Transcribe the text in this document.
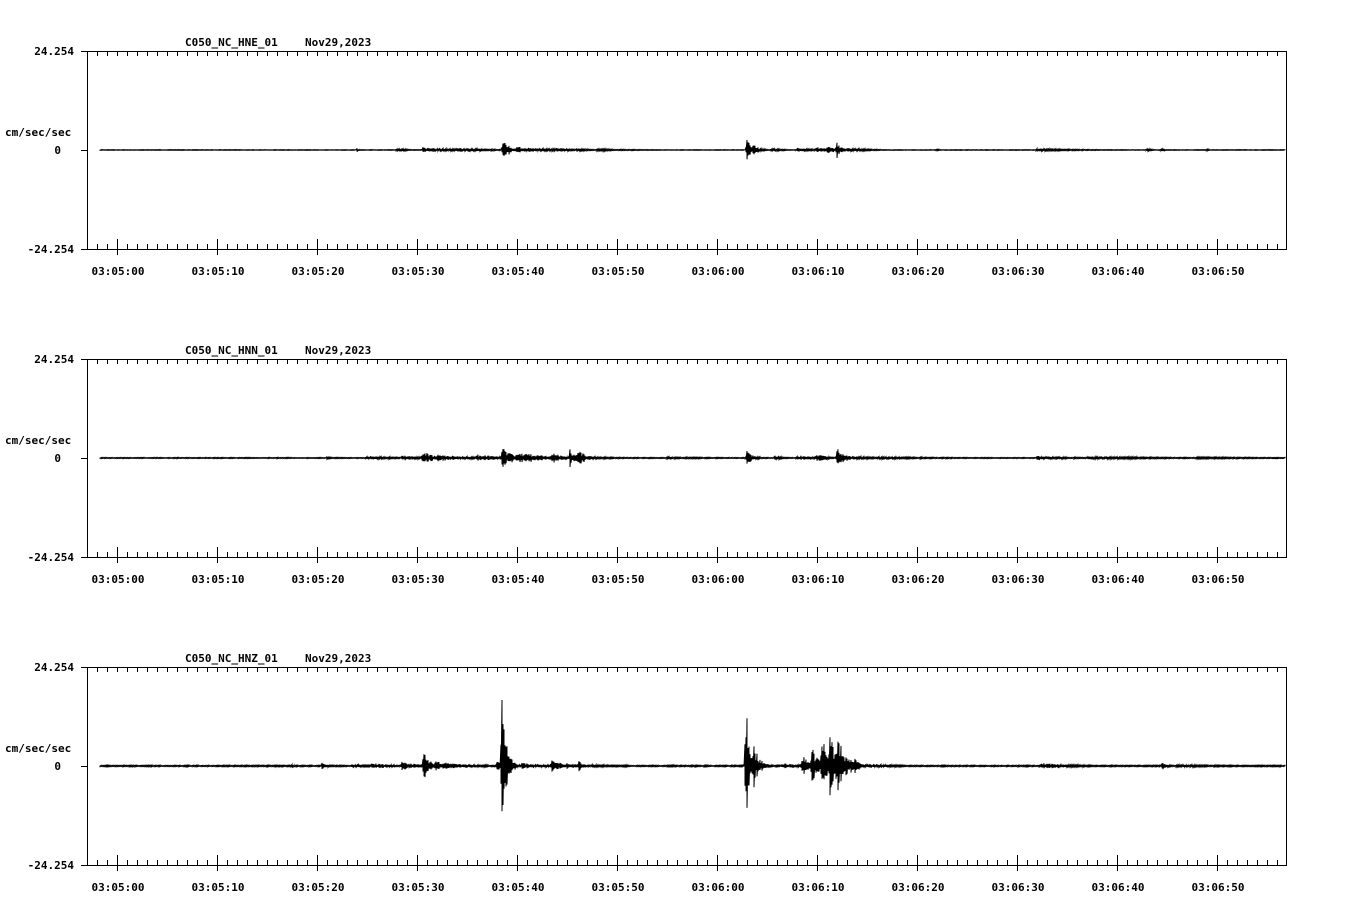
C050_NC_HNE_01 Nov29,2023
24.254
0
-24.254
cm/sec/sec
03:05:00	03:05:10	03:05:20	03:05:30	03:05:40	03:05:50	03:06:00	03:06:10	03:06:20	03:06:30	03:06:40	03:06:50
C050_NC_HNN_01 Nov29,2023
24.254
0
-24.254
cm/sec/sec
03:05:00	03:05:10	03:05:20	03:05:30	03:05:40	03:05:50	03:06:00	03:06:10	03:06:20	03:06:30	03:06:40	03:06:50
C050_NC_HNZ_01 Nov29,2023
24.254
0
-24.254
cm/sec/sec
03:05:00	03:05:10	03:05:20	03:05:30	03:05:40	03:05:50	03:06:00	03:06:10	03:06:20	03:06:30	03:06:40	03:06:50
